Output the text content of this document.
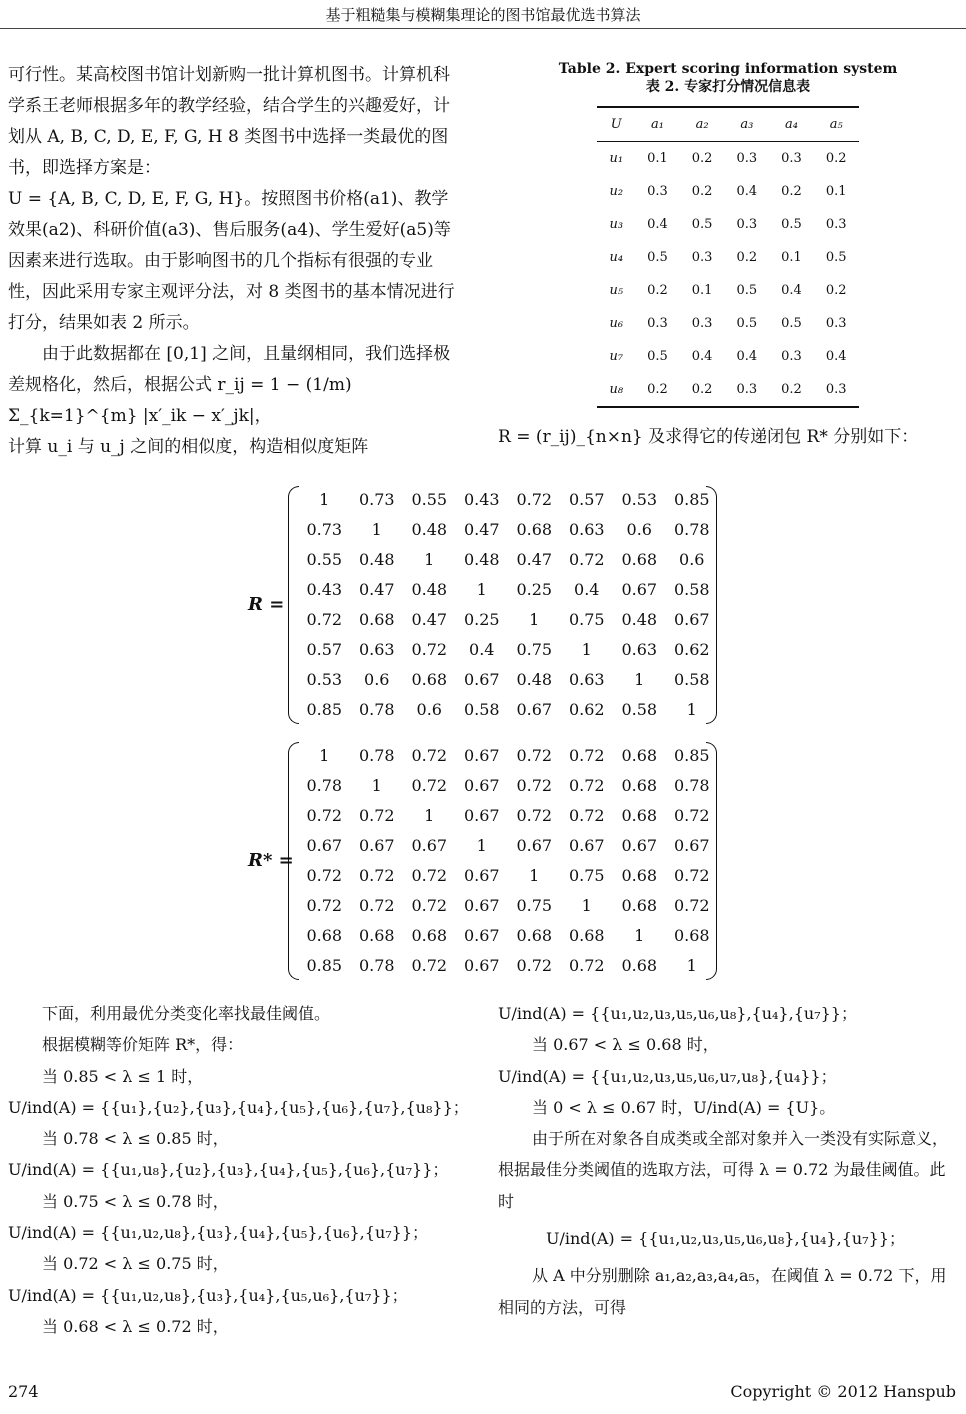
基于粗糙集与模糊集理论的图书馆最优选书算法

可行性。某高校图书馆计划新购一批计算机图书。计算机科学系王老师根据多年的教学经验，结合学生的兴趣爱好，计划从 A, B, C, D, E, F, G, H 8 类图书中选择一类最优的图书，即选择方案是：

U = {A, B, C, D, E, F, G, H}。按照图书价格(a1)、教学效果(a2)、科研价值(a3)、售后服务(a4)、学生爱好(a5)等因素来进行选取。由于影响图书的几个指标有很强的专业性，因此采用专家主观评分法，对 8 类图书的基本情况进行打分，结果如表 2 所示。

由于此数据都在 [0,1] 之间，且量纲相同，我们选择极差规格化，然后，根据公式 r_ij = 1 − (1/m) Σ_{k=1}^{m} |x′_ik − x′_jk|，

计算 u_i 与 u_j 之间的相似度，构造相似度矩阵

Table 2. Expert scoring information system
表 2. 专家打分情况信息表
U	a₁	a₂	a₃	a₄	a₅
u₁	0.1	0.2	0.3	0.3	0.2
u₂	0.3	0.2	0.4	0.2	0.1
u₃	0.4	0.5	0.3	0.5	0.3
u₄	0.5	0.3	0.2	0.1	0.5
u₅	0.2	0.1	0.5	0.4	0.2
u₆	0.3	0.3	0.5	0.5	0.3
u₇	0.5	0.4	0.4	0.3	0.4
u₈	0.2	0.2	0.3	0.2	0.3

R = (r_ij)_{n×n} 及求得它的传递闭包 R* 分别如下：

R =
1	0.73	0.55	0.43	0.72	0.57	0.53	0.85
0.73	1	0.48	0.47	0.68	0.63	0.6	0.78
0.55	0.48	1	0.48	0.47	0.72	0.68	0.6
0.43	0.47	0.48	1	0.25	0.4	0.67	0.58
0.72	0.68	0.47	0.25	1	0.75	0.48	0.67
0.57	0.63	0.72	0.4	0.75	1	0.63	0.62
0.53	0.6	0.68	0.67	0.48	0.63	1	0.58
0.85	0.78	0.6	0.58	0.67	0.62	0.58	1
R* =
1	0.78	0.72	0.67	0.72	0.72	0.68	0.85
0.78	1	0.72	0.67	0.72	0.72	0.68	0.78
0.72	0.72	1	0.67	0.72	0.72	0.68	0.72
0.67	0.67	0.67	1	0.67	0.67	0.67	0.67
0.72	0.72	0.72	0.67	1	0.75	0.68	0.72
0.72	0.72	0.72	0.67	0.75	1	0.68	0.72
0.68	0.68	0.68	0.67	0.68	0.68	1	0.68
0.85	0.78	0.72	0.67	0.72	0.72	0.68	1

下面，利用最优分类变化率找最佳阈值。

根据模糊等价矩阵 R*，得：

当 0.85 < λ ≤ 1 时，

U/ind(A) = {{u₁},{u₂},{u₃},{u₄},{u₅},{u₆},{u₇},{u₈}}；

当 0.78 < λ ≤ 0.85 时，

U/ind(A) = {{u₁,u₈},{u₂},{u₃},{u₄},{u₅},{u₆},{u₇}}；

当 0.75 < λ ≤ 0.78 时，

U/ind(A) = {{u₁,u₂,u₈},{u₃},{u₄},{u₅},{u₆},{u₇}}；

当 0.72 < λ ≤ 0.75 时，

U/ind(A) = {{u₁,u₂,u₈},{u₃},{u₄},{u₅,u₆},{u₇}}；

当 0.68 < λ ≤ 0.72 时，

U/ind(A) = {{u₁,u₂,u₃,u₅,u₆,u₈},{u₄},{u₇}}；

当 0.67 < λ ≤ 0.68 时，

U/ind(A) = {{u₁,u₂,u₃,u₅,u₆,u₇,u₈},{u₄}}；

当 0 < λ ≤ 0.67 时，U/ind(A) = {U}。

由于所在对象各自成类或全部对象并入一类没有实际意义，根据最佳分类阈值的选取方法，可得 λ = 0.72 为最佳阈值。此时

U/ind(A) = {{u₁,u₂,u₃,u₅,u₆,u₈},{u₄},{u₇}}；

从 A 中分别删除 a₁,a₂,a₃,a₄,a₅，在阈值 λ = 0.72 下，用相同的方法，可得

274	Copyright © 2012 Hanspub
